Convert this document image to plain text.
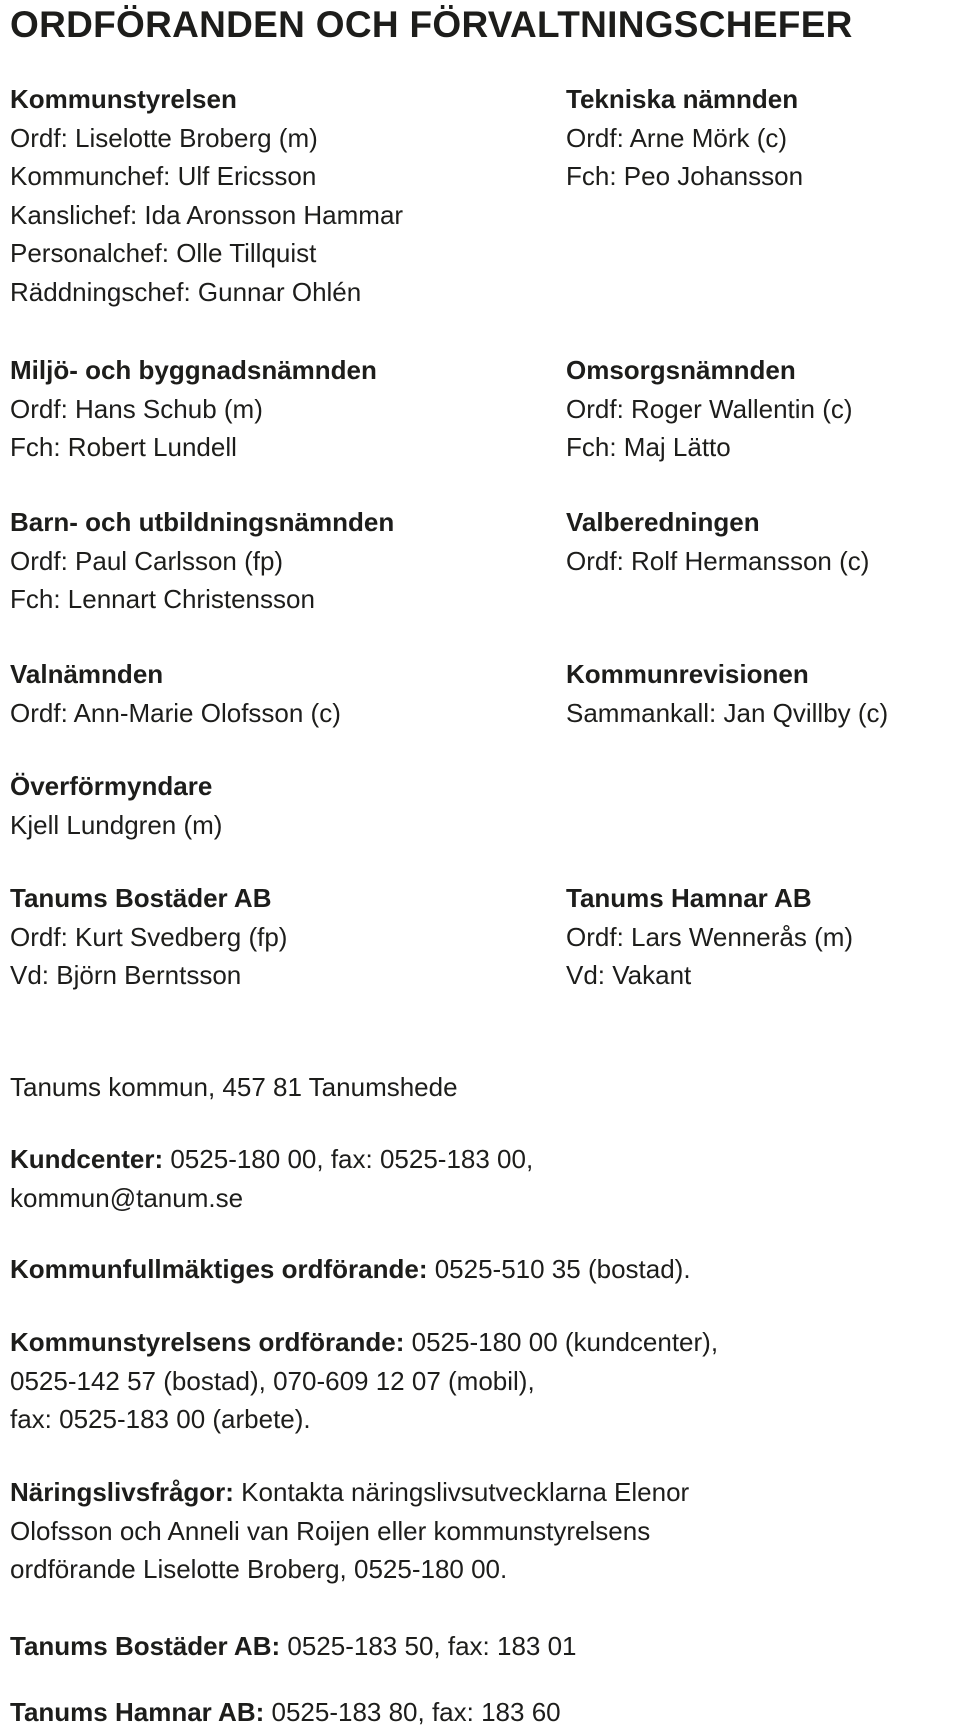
ORDFÖRANDEN OCH FÖRVALTNINGSCHEFER
Kommunstyrelsen
Ordf: Liselotte Broberg (m)
Kommunchef: Ulf Ericsson
Kanslichef: Ida Aronsson Hammar
Personalchef: Olle Tillquist
Räddningschef: Gunnar Ohlén
Miljö- och byggnadsnämnden
Ordf: Hans Schub (m)
Fch: Robert Lundell
Barn- och utbildningsnämnden
Ordf: Paul Carlsson (fp)
Fch: Lennart Christensson
Valnämnden
Ordf: Ann-Marie Olofsson (c)
Överförmyndare
Kjell Lundgren (m)
Tanums Bostäder AB
Ordf: Kurt Svedberg (fp)
Vd: Björn Berntsson
Tekniska nämnden
Ordf: Arne Mörk (c)
Fch: Peo Johansson
Omsorgsnämnden
Ordf: Roger Wallentin (c)
Fch: Maj Lätto
Valberedningen
Ordf: Rolf Hermansson (c)
Kommunrevisionen
Sammankall: Jan Qvillby (c)
Tanums Hamnar AB
Ordf: Lars Wennerås (m)
Vd: Vakant
Tanums kommun, 457 81 Tanumshede
Kundcenter: 0525-180 00, fax: 0525-183 00,
kommun@tanum.se
Kommunfullmäktiges ordförande: 0525-510 35 (bostad).
Kommunstyrelsens ordförande: 0525-180 00 (kundcenter),
0525-142 57 (bostad), 070-609 12 07 (mobil),
fax: 0525-183 00 (arbete).
Näringslivsfrågor: Kontakta näringslivsutvecklarna Elenor
Olofsson och Anneli van Roijen eller kommunstyrelsens
ordförande Liselotte Broberg, 0525-180 00.
Tanums Bostäder AB: 0525-183 50, fax: 183 01
Tanums Hamnar AB: 0525-183 80, fax: 183 60
